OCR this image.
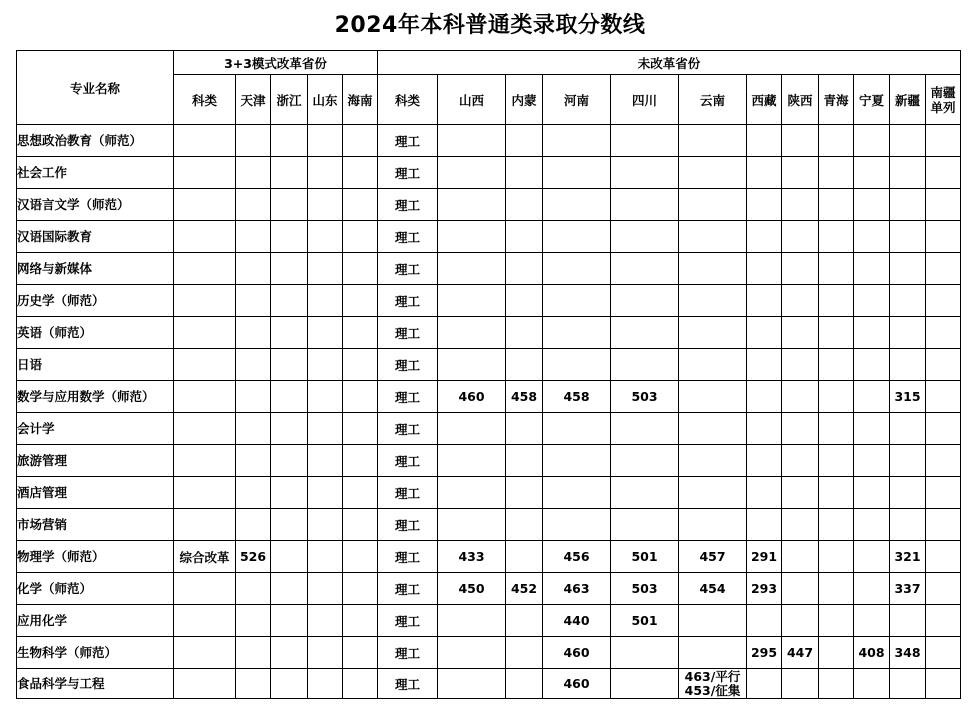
2024年本科普通类录取分数线
专业名称	3+3模式改革省份					未改革省份											
	科类	天津	浙江	山东	海南	科类	山西	内蒙	河南	四川	云南	西藏	陕西	青海	宁夏	新疆	南疆单列
思想政治教育（师范）						理工											
社会工作						理工											
汉语言文学（师范）						理工											
汉语国际教育						理工											
网络与新媒体						理工											
历史学（师范）						理工											
英语（师范）						理工											
日语						理工											
数学与应用数学（师范）						理工	460	458	458	503						315	
会计学						理工											
旅游管理						理工											
酒店管理						理工											
市场营销						理工											
物理学（师范）	综合改革	526				理工	433		456	501	457	291				321	
化学（师范）						理工	450	452	463	503	454	293				337	
应用化学						理工			440	501							
生物科学（师范）						理工			460			295	447		408	348	
食品科学与工程						理工			460		463/平行
453/征集						
